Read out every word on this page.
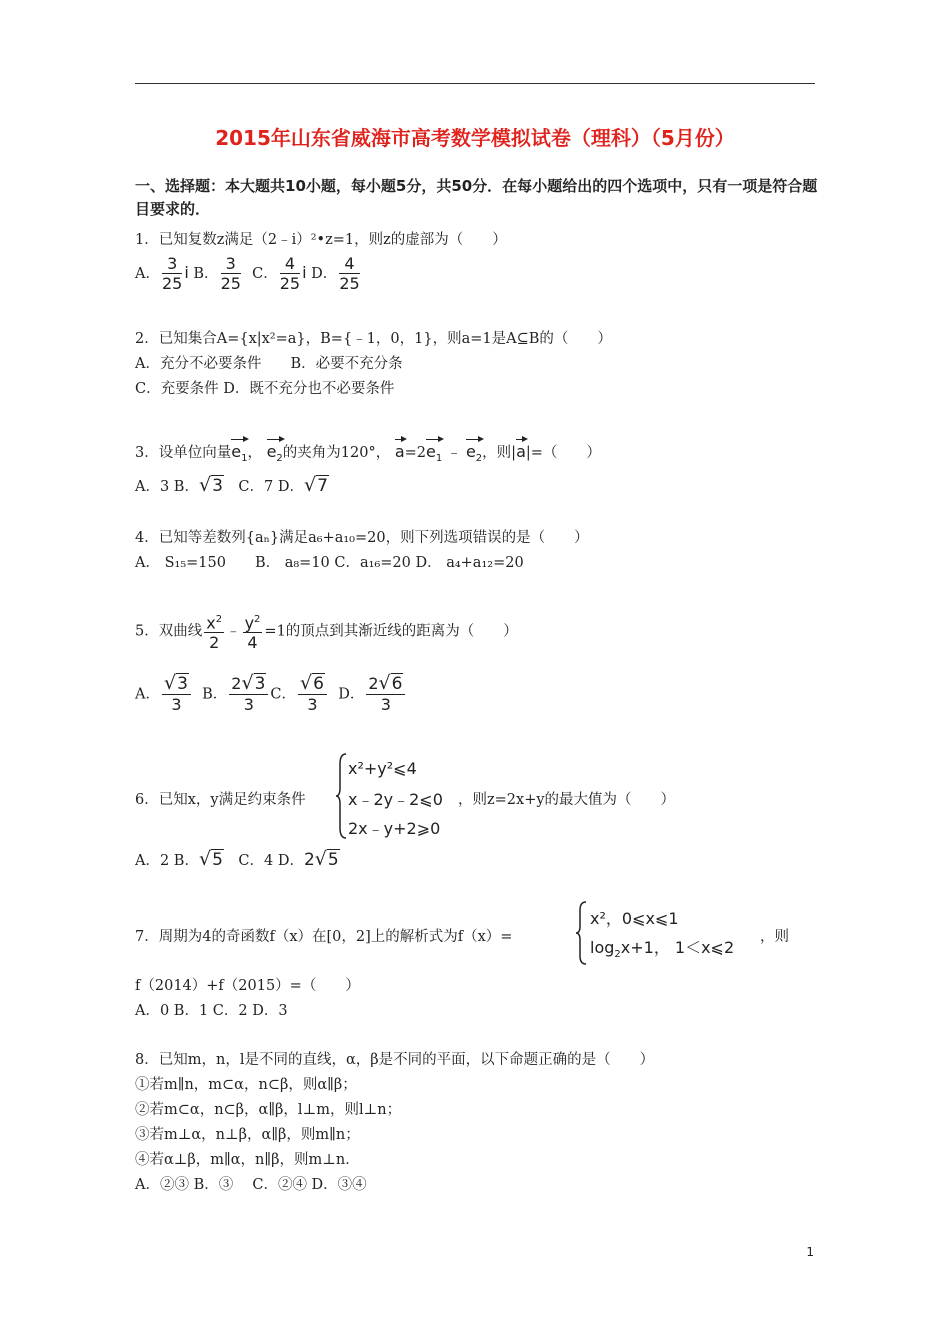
2015年山东省威海市高考数学模拟试卷（理科）（5月份）
一、选择题：本大题共10小题，每小题5分，共50分．在每小题给出的四个选项中，只有一项是符合题目要求的．
1．已知复数z满足（2﹣i）²•z=1，则z的虚部为（　　）
A． $\frac{3}{25}$ i B． $\frac{3}{25}$ C． $\frac{4}{25}$ i D． $\frac{4}{25}$
2．已知集合A={x|x²=a}，B={﹣1，0，1}，则a=1是A⊆B的（　　）
A．充分不必要条件　　B．必要不充分条
C．充要条件 D．既不充分也不必要条件
3．设单位向量$e_1$， $e_2$的夹角为120°， $a=2e_1$ ﹣ $e_2$，则|a|=（　　）
A．3 B．√3　C．7 D．√7
4．已知等差数列{aₙ}满足a₆+a₁₀=20，则下列选项错误的是（　　）
A． S₁₅=150　　B． a₈=10 C．a₁₆=20 D． a₄+a₁₂=20
5．双曲线 $\frac{x^2}{2}$ ﹣ $\frac{y^2}{4} =1$的顶点到其渐近线的距离为（　　）
A． $\frac{√3}{3}$ B． $\frac{2√3}{3}$ C． $\frac{√6}{3}$ D． $\frac{2√6}{3}$
6．已知x，y满足约束条件
x²+y²⩽4
x﹣2y﹣2⩽0
2x﹣y+2⩾0
，则z=2x+y的最大值为（　　）
A．2 B．√5　C．4 D．2√5
7．周期为4的奇函数f（x）在[0，2]上的解析式为f（x）=
x²，0⩽x⩽1
$\log_2x+1$， 1＜x⩽2
，则
f（2014）+f（2015）=（　　）
A．0 B．1 C．2 D．3
8．已知m，n，l是不同的直线，α，β是不同的平面，以下命题正确的是（　　）
①若m∥n，m⊂α，n⊂β，则α∥β；
②若m⊂α，n⊂β，α∥β，l⊥m，则l⊥n；
③若m⊥α，n⊥β，α∥β，则m∥n；
④若α⊥β，m∥α，n∥β，则m⊥n．
A．②③ B．③　 C．②④ D．③④
1
